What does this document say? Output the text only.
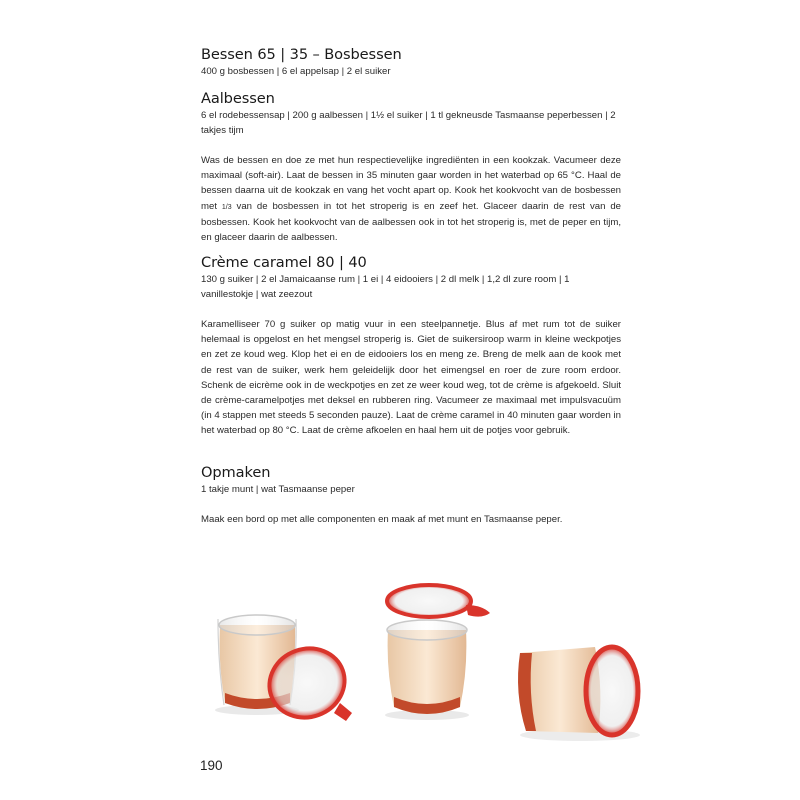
Bessen 65 | 35 – Bosbessen

400 g bosbessen | 6 el appelsap | 2 el suiker

Aalbessen

6 el rodebessensap | 200 g aalbessen | 1½ el suiker | 1 tl gekneusde Tasmaanse peperbessen | 2 takjes tijm

Was de bessen en doe ze met hun respectievelijke ingrediënten in een kookzak. Vacumeer deze maximaal (soft-air). Laat de bessen in 35 minuten gaar worden in het waterbad op 65 °C. Haal de bessen daarna uit de kookzak en vang het vocht apart op. Kook het kookvocht van de bosbessen met 1/3 van de bosbessen in tot het stroperig is en zeef het. Glaceer daarin de rest van de bosbessen. Kook het kookvocht van de aalbessen ook in tot het stroperig is, met de peper en tijm, en glaceer daarin de aalbessen.

Crème caramel 80 | 40

130 g suiker | 2 el Jamaicaanse rum | 1 ei | 4 eidooiers | 2 dl melk | 1,2 dl zure room | 1 vanillestokje | wat zeezout

Karamelliseer 70 g suiker op matig vuur in een steelpannetje. Blus af met rum tot de suiker helemaal is opgelost en het mengsel stroperig is. Giet de suikersiroop warm in kleine weckpotjes en zet ze koud weg. Klop het ei en de eidooiers los en meng ze. Breng de melk aan de kook met de rest van de suiker, werk hem geleidelijk door het eimengsel en roer de zure room erdoor. Schenk de eicrème ook in de weckpotjes en zet ze weer koud weg, tot de crème is afgekoeld. Sluit de crème-caramelpotjes met deksel en rubberen ring. Vacumeer ze maximaal met impulsvacuüm (in 4 stappen met steeds 5 seconden pauze). Laat de crème caramel in 40 minuten gaar worden in het waterbad op 80 °C. Laat de crème afkoelen en haal hem uit de potjes voor gebruik.

Opmaken

1 takje munt | wat Tasmaanse peper

Maak een bord op met alle componenten en maak af met munt en Tasmaanse peper.

190
